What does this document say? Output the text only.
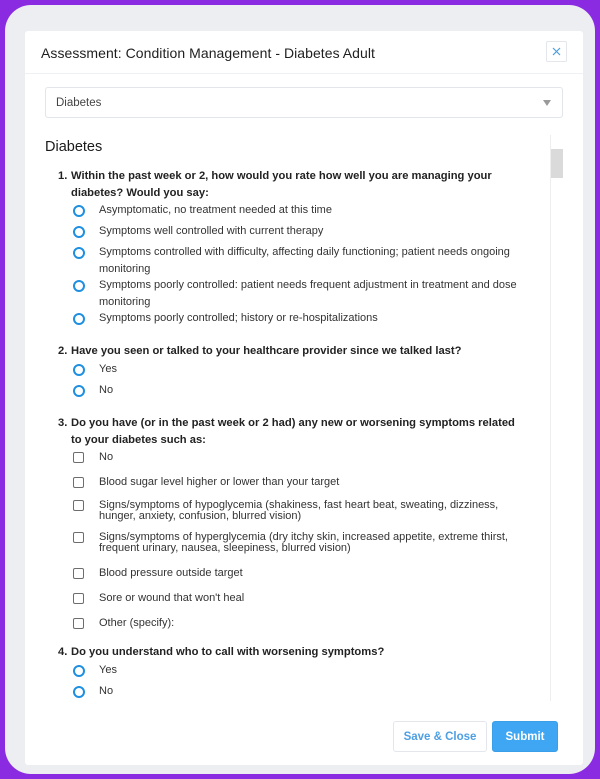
Assessment: Condition Management - Diabetes Adult
Diabetes
Diabetes
1. Within the past week or 2, how would you rate how well you are managing your diabetes? Would you say:
Asymptomatic, no treatment needed at this time
Symptoms well controlled with current therapy
Symptoms controlled with difficulty, affecting daily functioning; patient needs ongoing monitoring
Symptoms poorly controlled: patient needs frequent adjustment in treatment and dose monitoring
Symptoms poorly controlled; history or re-hospitalizations
2. Have you seen or talked to your healthcare provider since we talked last?
Yes
No
3. Do you have (or in the past week or 2 had) any new or worsening symptoms related to your diabetes such as:
No
Blood sugar level higher or lower than your target
Signs/symptoms of hypoglycemia (shakiness, fast heart beat, sweating, dizziness, hunger, anxiety, confusion, blurred vision)
Signs/symptoms of hyperglycemia (dry itchy skin, increased appetite, extreme thirst, frequent urinary, nausea, sleepiness, blurred vision)
Blood pressure outside target
Sore or wound that won't heal
Other (specify):
4. Do you understand who to call with worsening symptoms?
Yes
No
Save & Close	Submit
